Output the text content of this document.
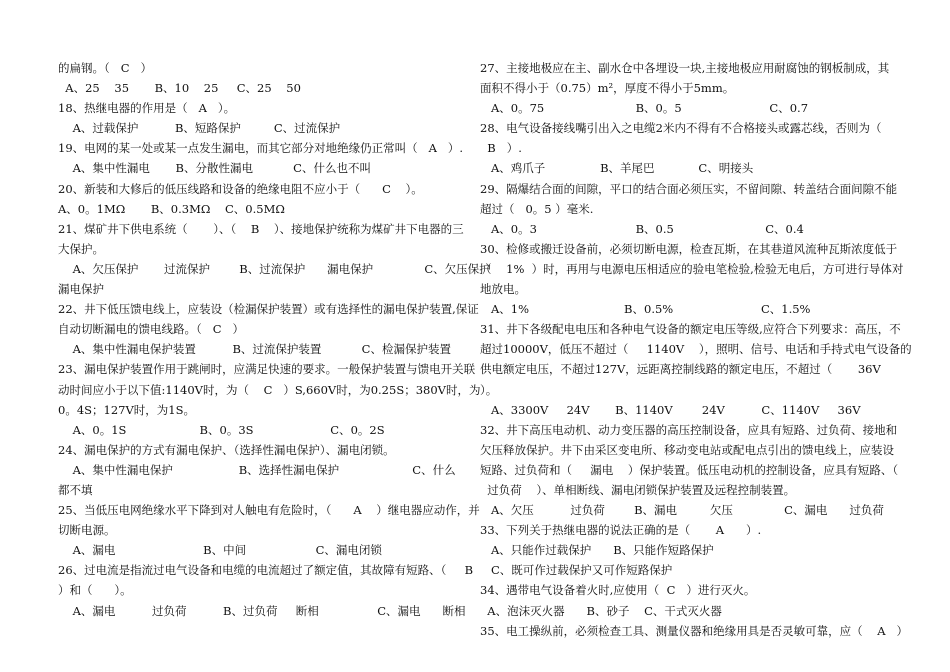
的扁钢。（   C   ）
A、25    35       B、10    25     C、25    50
18、热继电器的作用是（   A   ）。
A、过载保护          B、短路保护         C、过流保护
19、电网的某一处或某一点发生漏电，而其它部分对地绝缘仍正常叫（   A   ）.
A、集中性漏电       B、分散性漏电           C、什么也不叫
20、新装和大修后的低压线路和设备的绝缘电阻不应小于（      C    ）。
A、0。1MΩ       B、0.3MΩ    C、0.5MΩ
21、煤矿井下供电系统（       ）、（    B    ）、接地保护统称为煤矿井下电器的三
大保护。
A、欠压保护       过流保护        B、过流保护      漏电保护              C、欠压保护
漏电保护
22、井下低压馈电线上，应装设（检漏保护装置）或有选择性的漏电保护装置,保证
自动切断漏电的馈电线路。（   C   ）
A、集中性漏电保护装置          B、过流保护装置           C、检漏保护装置
23、漏电保护装置作用于跳闸时，应满足快速的要求。一般保护装置与馈电开关联
动时间应小于以下值:1140V时，为（    C   ）S,660V时，为0.25S；380V时，为
0。4S；127V时，为1S。
A、0。1S                    B、0。3S                     C、0。2S
24、漏电保护的方式有漏电保护、（选择性漏电保护）、漏电闭锁。
A、集中性漏电保护                  B、选择性漏电保护                    C、什么
都不填
25、当低压电网绝缘水平下降到对人触电有危险时，（      A    ）继电器应动作，并
切断电源。
A、漏电                        B、中间                   C、漏电闭锁
26、过电流是指流过电气设备和电缆的电流超过了额定值，其故障有短路、（     B
）和（      ）。
A、漏电          过负荷          B、过负荷     断相                C、漏电      断相
27、主接地极应在主、副水仓中各埋设一块,主接地极应用耐腐蚀的钢板制成，其
面积不得小于（0.75）m²，厚度不得小于5mm。
A、0。75                         B、0。5                        C、0.7
28、电气设备接线嘴引出入之电缆2米内不得有不合格接头或露芯线，否则为（
B   ）.
A、鸡爪子               B、羊尾巴            C、明接头
29、隔爆结合面的间隙，平口的结合面必须压实，不留间隙、转盖结合面间隙不能
超过（   0。5 ）毫米.
A、0。3                           B、0.5                         C、0.4
30、检修或搬迁设备前，必须切断电源，检查瓦斯，在其巷道风流种瓦斯浓度低于
（    1%  ）时，再用与电源电压相适应的验电笔检验,检验无电后，方可进行导体对
地放电。
A、1%                          B、0.5%                        C、1.5%
31、井下各级配电电压和各种电气设备的额定电压等级,应符合下列要求：高压，不
超过10000V，低压不超过（     1140V    ），照明、信号、电话和手持式电气设备的
供电额定电压，不超过127V，远距离控制线路的额定电压，不超过（       36V
）。
A、3300V     24V       B、1140V        24V          C、1140V     36V
32、井下高压电动机、动力变压器的高压控制设备，应具有短路、过负荷、接地和
欠压释放保护。井下由采区变电所、移动变电站或配电点引出的馈电线上，应装设
短路、过负荷和（     漏电    ）保护装置。低压电动机的控制设备，应具有短路、（
过负荷    ）、单相断线、漏电闭锁保护装置及远程控制装置。
A、欠压          过负荷        B、漏电         欠压              C、漏电      过负荷
33、下列关于热继电器的说法正确的是（       A      ）.
A、只能作过载保护      B、只能作短路保护
C、既可作过载保护又可作短路保护
34、遇带电气设备着火时,应使用（  C   ）进行灭火。
A、泡沫灭火器      B、砂子    C、干式灭火器
35、电工操纵前，必须检查工具、测量仪器和绝缘用具是否灵敏可靠，应（    A   ）
